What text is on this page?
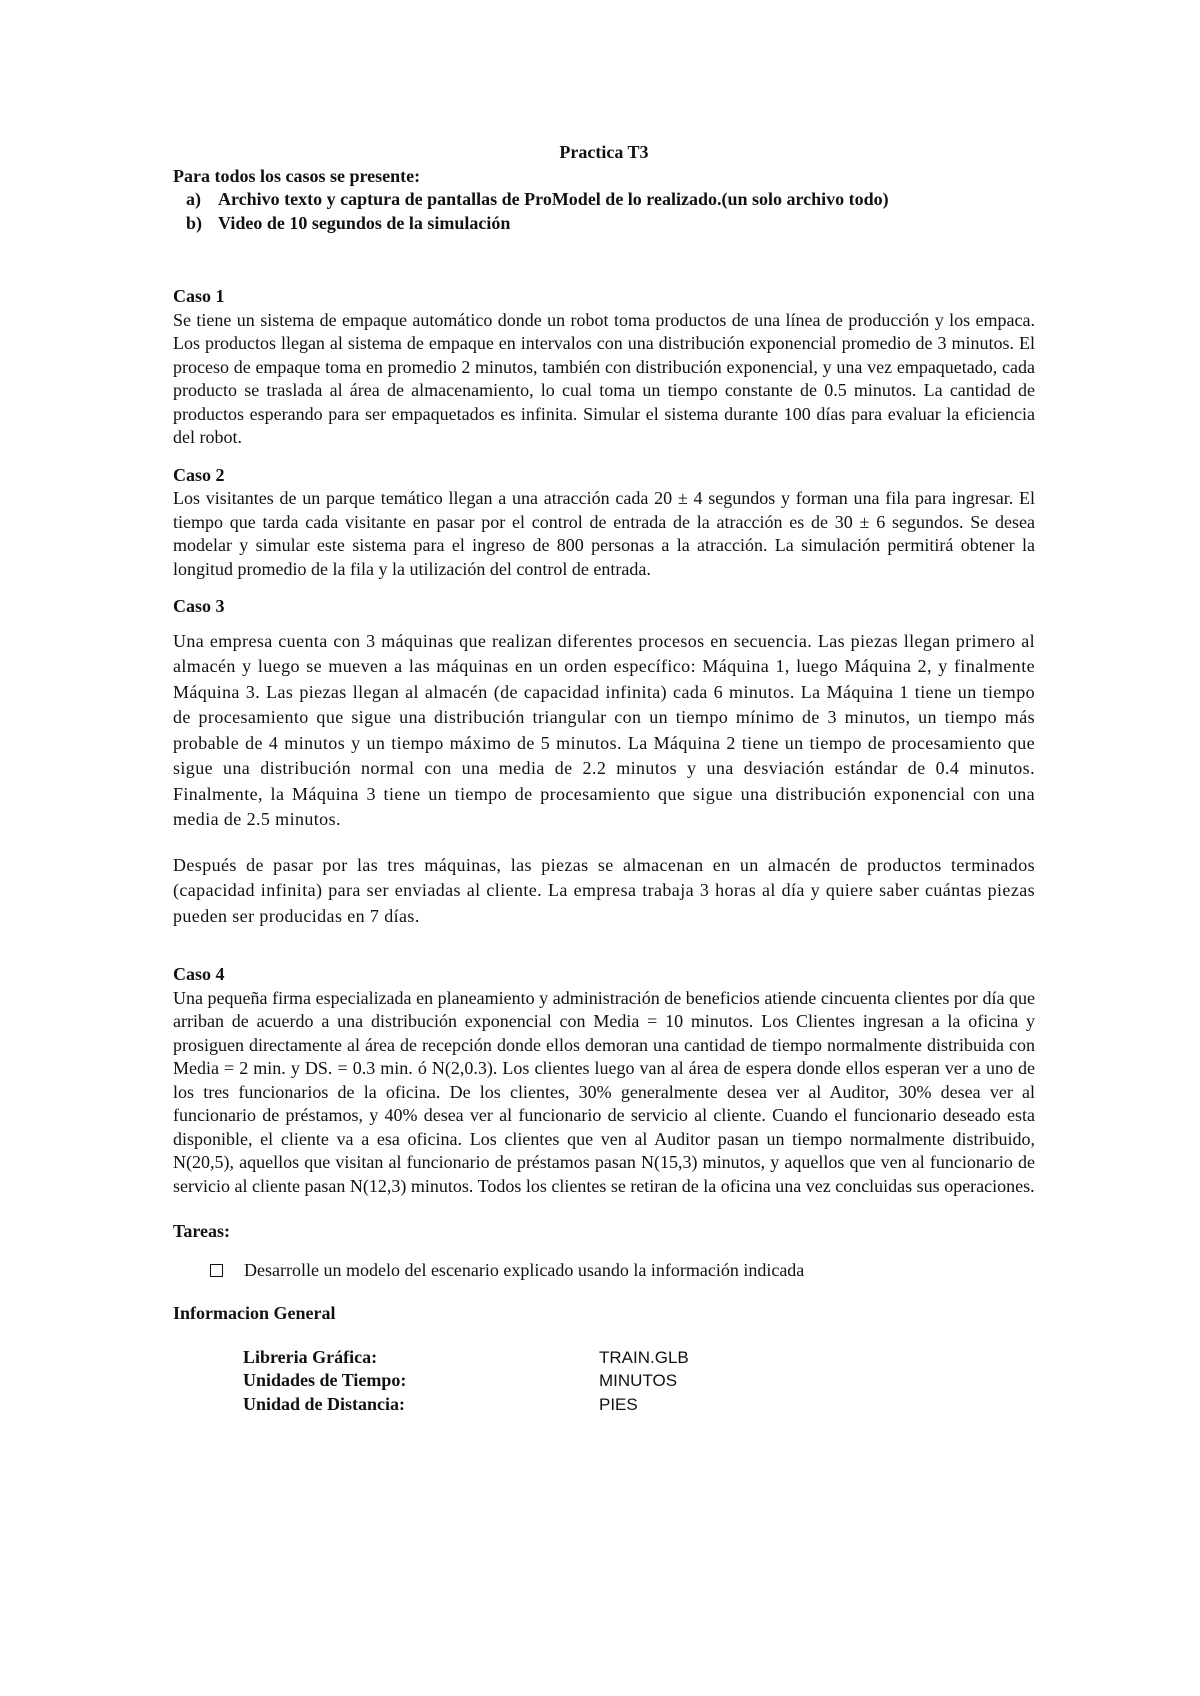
Practica T3

Para todos los casos se presente:

a) Archivo texto y captura de pantallas de ProModel de lo realizado.(un solo archivo todo)
b) Video de 10 segundos de la simulación

Caso 1

Se tiene un sistema de empaque automático donde un robot toma productos de una línea de producción y los empaca. Los productos llegan al sistema de empaque en intervalos con una distribución exponencial promedio de 3 minutos. El proceso de empaque toma en promedio 2 minutos, también con distribución exponencial, y una vez empaquetado, cada producto se traslada al área de almacenamiento, lo cual toma un tiempo constante de 0.5 minutos. La cantidad de productos esperando para ser empaquetados es infinita. Simular el sistema durante 100 días para evaluar la eficiencia del robot.

Caso 2

Los visitantes de un parque temático llegan a una atracción cada 20 ± 4 segundos y forman una fila para ingresar. El tiempo que tarda cada visitante en pasar por el control de entrada de la atracción es de 30 ± 6 segundos. Se desea modelar y simular este sistema para el ingreso de 800 personas a la atracción. La simulación permitirá obtener la longitud promedio de la fila y la utilización del control de entrada.

Caso 3

Una empresa cuenta con 3 máquinas que realizan diferentes procesos en secuencia. Las piezas llegan primero al almacén y luego se mueven a las máquinas en un orden específico: Máquina 1, luego Máquina 2, y finalmente Máquina 3. Las piezas llegan al almacén (de capacidad infinita) cada 6 minutos. La Máquina 1 tiene un tiempo de procesamiento que sigue una distribución triangular con un tiempo mínimo de 3 minutos, un tiempo más probable de 4 minutos y un tiempo máximo de 5 minutos. La Máquina 2 tiene un tiempo de procesamiento que sigue una distribución normal con una media de 2.2 minutos y una desviación estándar de 0.4 minutos. Finalmente, la Máquina 3 tiene un tiempo de procesamiento que sigue una distribución exponencial con una media de 2.5 minutos.

Después de pasar por las tres máquinas, las piezas se almacenan en un almacén de productos terminados (capacidad infinita) para ser enviadas al cliente. La empresa trabaja 3 horas al día y quiere saber cuántas piezas pueden ser producidas en 7 días.

Caso 4

Una pequeña firma especializada en planeamiento y administración de beneficios atiende cincuenta clientes por día que arriban de acuerdo a una distribución exponencial con Media = 10 minutos. Los Clientes ingresan a la oficina y prosiguen directamente al área de recepción donde ellos demoran una cantidad de tiempo normalmente distribuida con Media = 2 min. y DS. = 0.3 min. ó N(2,0.3). Los clientes luego van al área de espera donde ellos esperan ver a uno de los tres funcionarios de la oficina. De los clientes, 30% generalmente desea ver al Auditor, 30% desea ver al funcionario de préstamos, y 40% desea ver al funcionario de servicio al cliente. Cuando el funcionario deseado esta disponible, el cliente va a esa oficina. Los clientes que ven al Auditor pasan un tiempo normalmente distribuido, N(20,5), aquellos que visitan al funcionario de préstamos pasan N(15,3) minutos, y aquellos que ven al funcionario de servicio al cliente pasan N(12,3) minutos. Todos los clientes se retiran de la oficina una vez concluidas sus operaciones.

Tareas:

Desarrolle un modelo del escenario explicado usando la información indicada

Informacion General

Libreria Gráfica:	TRAIN.GLB
Unidades de Tiempo:	MINUTOS
Unidad de Distancia:	PIES
